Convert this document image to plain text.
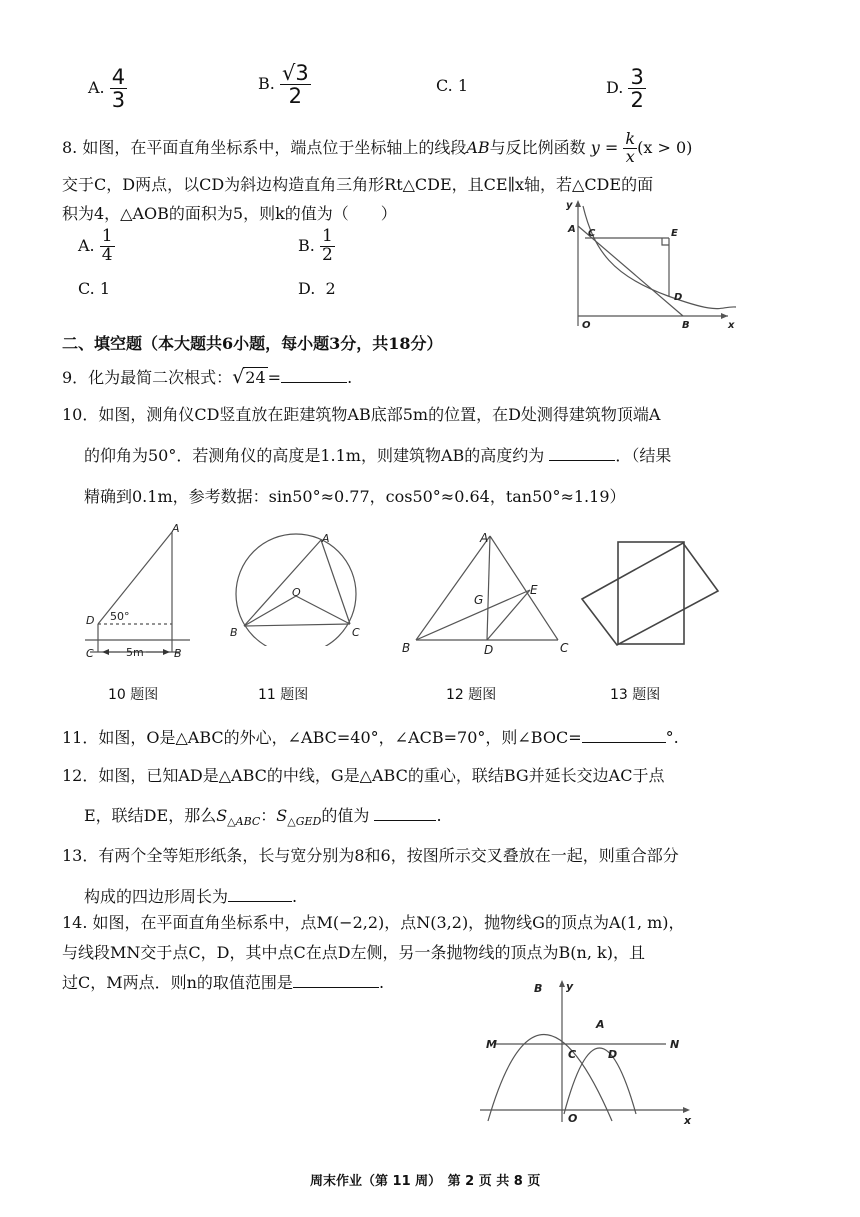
A. $\frac{4}{3}$	B. $\frac{√3}{2}$	C. 1	D. $\frac{3}{2}$
8. 如图，在平面直角坐标系中，端点位于坐标轴上的线段AB与反比例函数 $y = \frac{k}{x} (x > 0)$
交于C，D两点，以CD为斜边构造直角三角形Rt△CDE，且CE∥x轴，若△CDE的面
积为4，△AOB的面积为5，则k的值为（　　）
A. $\frac{1}{4}$	B. $\frac{1}{2}$
C. 1	D. 2
y
A C	E
D
O	B	x
二、填空题（本大题共6小题，每小题3分，共18分）
9．化为最简二次根式：√24 =	.
10．如图，测角仪CD竖直放在距建筑物AB底部5m的位置，在D处测得建筑物顶端A
的仰角为50°．若测角仪的高度是1.1m，则建筑物AB的高度约为	．（结果
精确到0.1m，参考数据：sin50°≈0.77，cos50°≈0.64，tan50°≈1.19）
A
D 50°
C	B
5m
10 题图
A
O
B	C
11 题图
A
G
E
B	D	C
12 题图	13 题图
11．如图，O是△ABC的外心，∠ABC=40°，∠ACB=70°，则∠BOC=	°.
12．如图，已知AD是△ABC的中线，G是△ABC的重心，联结BG并延长交边AC于点
E，联结DE，那么$S_{\triangle ABC}$：$S_{\triangle GED}$的值为	.
13．有两个全等矩形纸条，长与宽分别为8和6，按图所示交叉叠放在一起，则重合部分
构成的四边形周长为	.
14. 如图，在平面直角坐标系中，点M(−2,2)，点N(3,2)，抛物线G的顶点为A(1, m)，
与线段MN交于点C，D，其中点C在点D左侧，另一条抛物线的顶点为B(n, k)，且
过C，M两点．则n的取值范围是	.	B y
A
M
C	D
N
O	x
周末作业（第 11 周）　第 2 页 共 8 页
